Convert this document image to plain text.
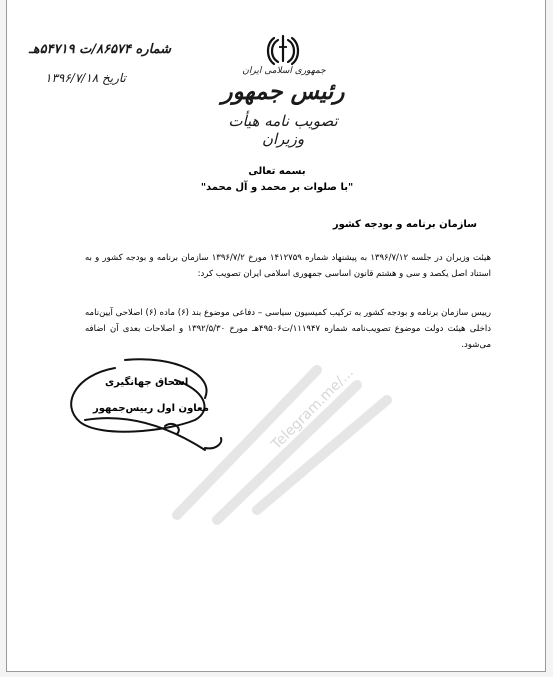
Telegram.me/...
جمهوری اسلامی ایران
رئیس جمهور
تصویب نامه هیأت وزیران
شماره ۸۶۵۷۴/ت ۵۴۷۱۹هـ
تاریخ ۱۳۹۶/۷/۱۸
بسمه تعالی
"با صلوات بر محمد و آل محمد"
سازمان برنامه و بودجه کشور
هیئت وزیران در جلسه ۱۳۹۶/۷/۱۲ به پیشنهاد شماره ۱۴۱۲۷۵۹ مورخ ۱۳۹۶/۷/۲ سازمان برنامه و بودجه کشور و به استناد اصل یکصد و سی و هشتم قانون اساسی جمهوری اسلامی ایران تصویب کرد:
رییس سازمان برنامه و بودجه کشور به ترکیب کمیسیون سیاسی – دفاعی موضوع بند (۶) ماده (۶) اصلاحی آیین‌نامه داخلی هیئت دولت موضوع تصویب‌نامه شماره ۱۱۱۹۴۷/ت۴۹۵۰۶هـ مورخ ۱۳۹۲/۵/۳۰ و اصلاحات بعدی آن اضافه می‌شود.
اسحاق جهانگیری
معاون اول رییس‌جمهور
